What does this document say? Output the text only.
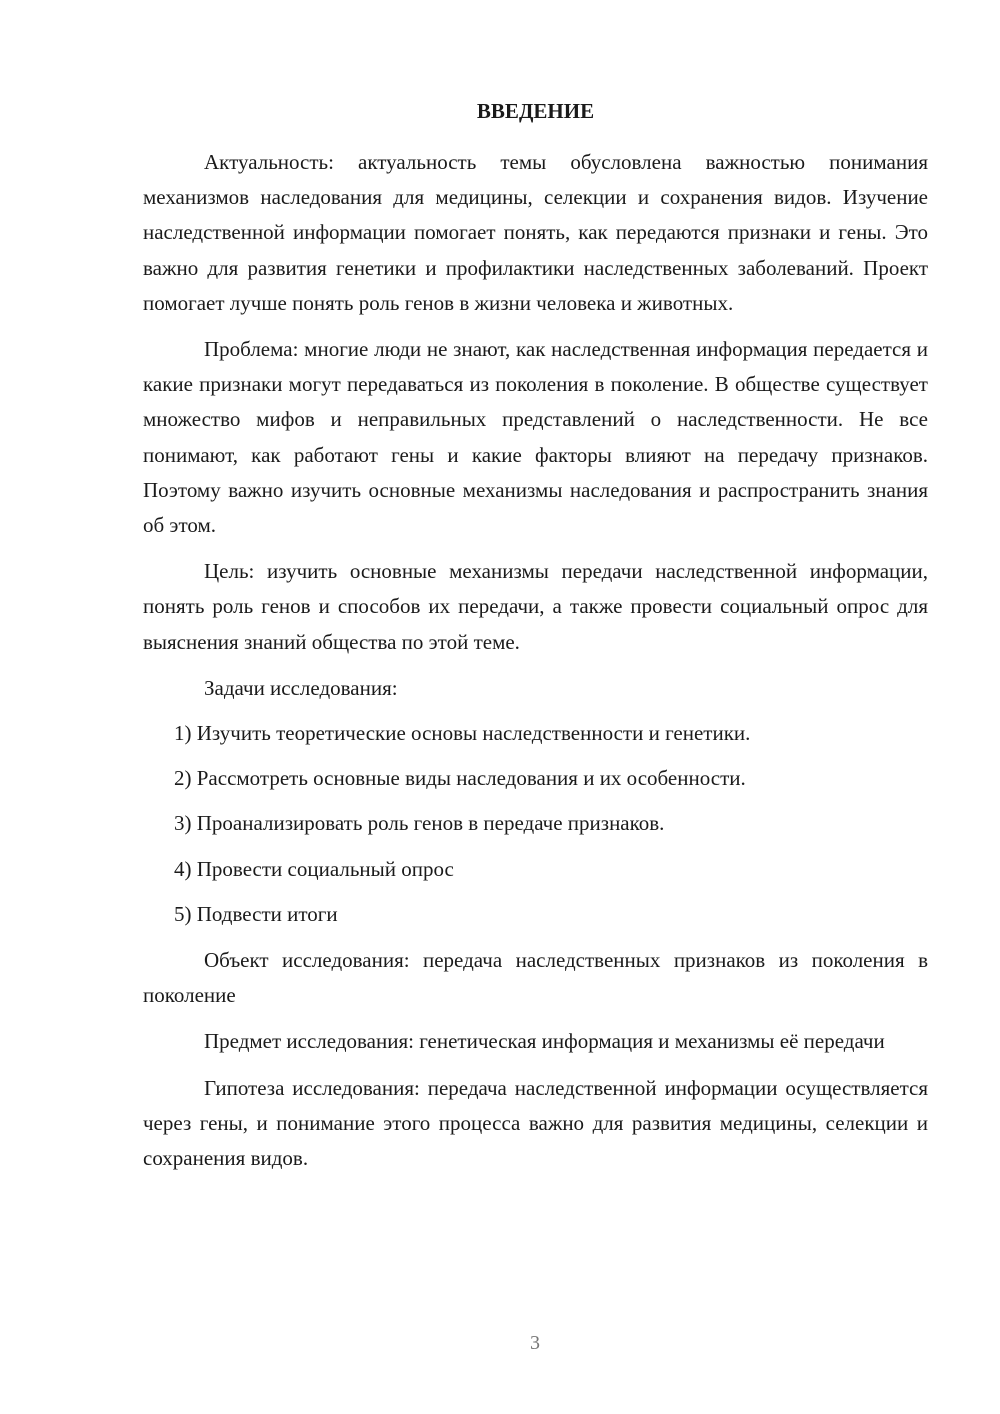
ВВЕДЕНИЕ

Актуальность: актуальность темы обусловлена важностью понимания механизмов наследования для медицины, селекции и сохранения видов. Изучение наследственной информации помогает понять, как передаются признаки и гены. Это важно для развития генетики и профилактики наследственных заболеваний. Проект помогает лучше понять роль генов в жизни человека и животных.

Проблема: многие люди не знают, как наследственная информация передается и какие признаки могут передаваться из поколения в поколение. В обществе существует множество мифов и неправильных представлений о наследственности. Не все понимают, как работают гены и какие факторы влияют на передачу признаков. Поэтому важно изучить основные механизмы наследования и распространить знания об этом.

Цель: изучить основные механизмы передачи наследственной информации, понять роль генов и способов их передачи, а также провести социальный опрос для выяснения знаний общества по этой теме.

Задачи исследования:

1) Изучить теоретические основы наследственности и генетики.
2) Рассмотреть основные виды наследования и их особенности.
3) Проанализировать роль генов в передаче признаков.
4) Провести социальный опрос
5) Подвести итоги

Объект исследования: передача наследственных признаков из поколения в поколение

Предмет исследования: генетическая информация и механизмы её передачи

Гипотеза исследования: передача наследственной информации осуществляется через гены, и понимание этого процесса важно для развития медицины, селекции и сохранения видов.

3
